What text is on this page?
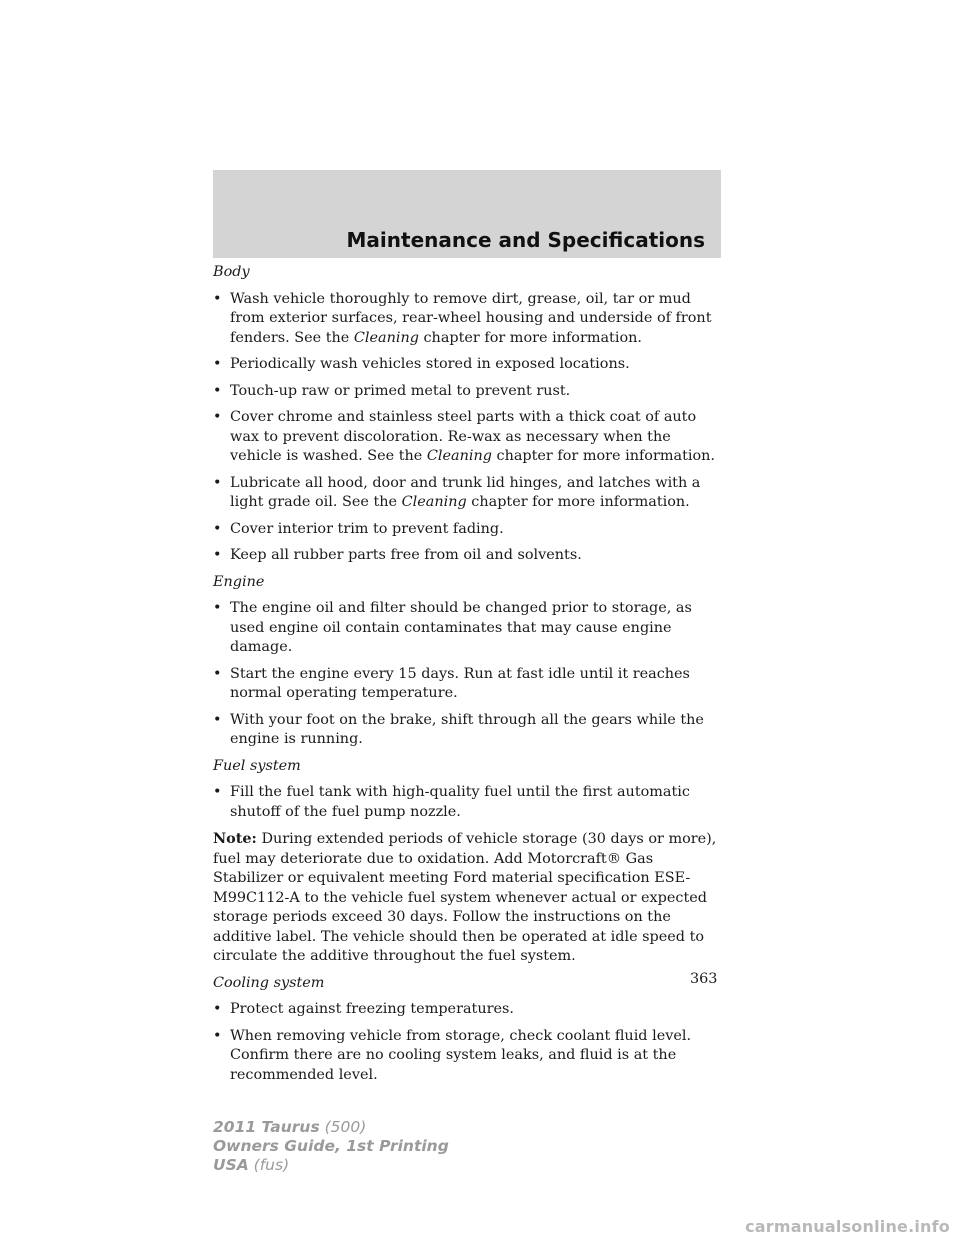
Maintenance and Specifications
Body
• Wash vehicle thoroughly to remove dirt, grease, oil, tar or mud from exterior surfaces, rear-wheel housing and underside of front fenders. See the Cleaning chapter for more information.
• Periodically wash vehicles stored in exposed locations.
• Touch-up raw or primed metal to prevent rust.
• Cover chrome and stainless steel parts with a thick coat of auto wax to prevent discoloration. Re-wax as necessary when the vehicle is washed. See the Cleaning chapter for more information.
• Lubricate all hood, door and trunk lid hinges, and latches with a light grade oil. See the Cleaning chapter for more information.
• Cover interior trim to prevent fading.
• Keep all rubber parts free from oil and solvents.
Engine
• The engine oil and filter should be changed prior to storage, as used engine oil contain contaminates that may cause engine damage.
• Start the engine every 15 days. Run at fast idle until it reaches normal operating temperature.
• With your foot on the brake, shift through all the gears while the engine is running.
Fuel system
• Fill the fuel tank with high-quality fuel until the first automatic shutoff of the fuel pump nozzle.

Note: During extended periods of vehicle storage (30 days or more), fuel may deteriorate due to oxidation. Add Motorcraft® Gas Stabilizer or equivalent meeting Ford material specification ESE-M99C112-A to the vehicle fuel system whenever actual or expected storage periods exceed 30 days. Follow the instructions on the additive label. The vehicle should then be operated at idle speed to circulate the additive throughout the fuel system.

Cooling system
• Protect against freezing temperatures.
• When removing vehicle from storage, check coolant fluid level. Confirm there are no cooling system leaks, and fluid is at the recommended level.
363
2011 Taurus (500)
Owners Guide, 1st Printing
USA (fus)
carmanualsonline.info
